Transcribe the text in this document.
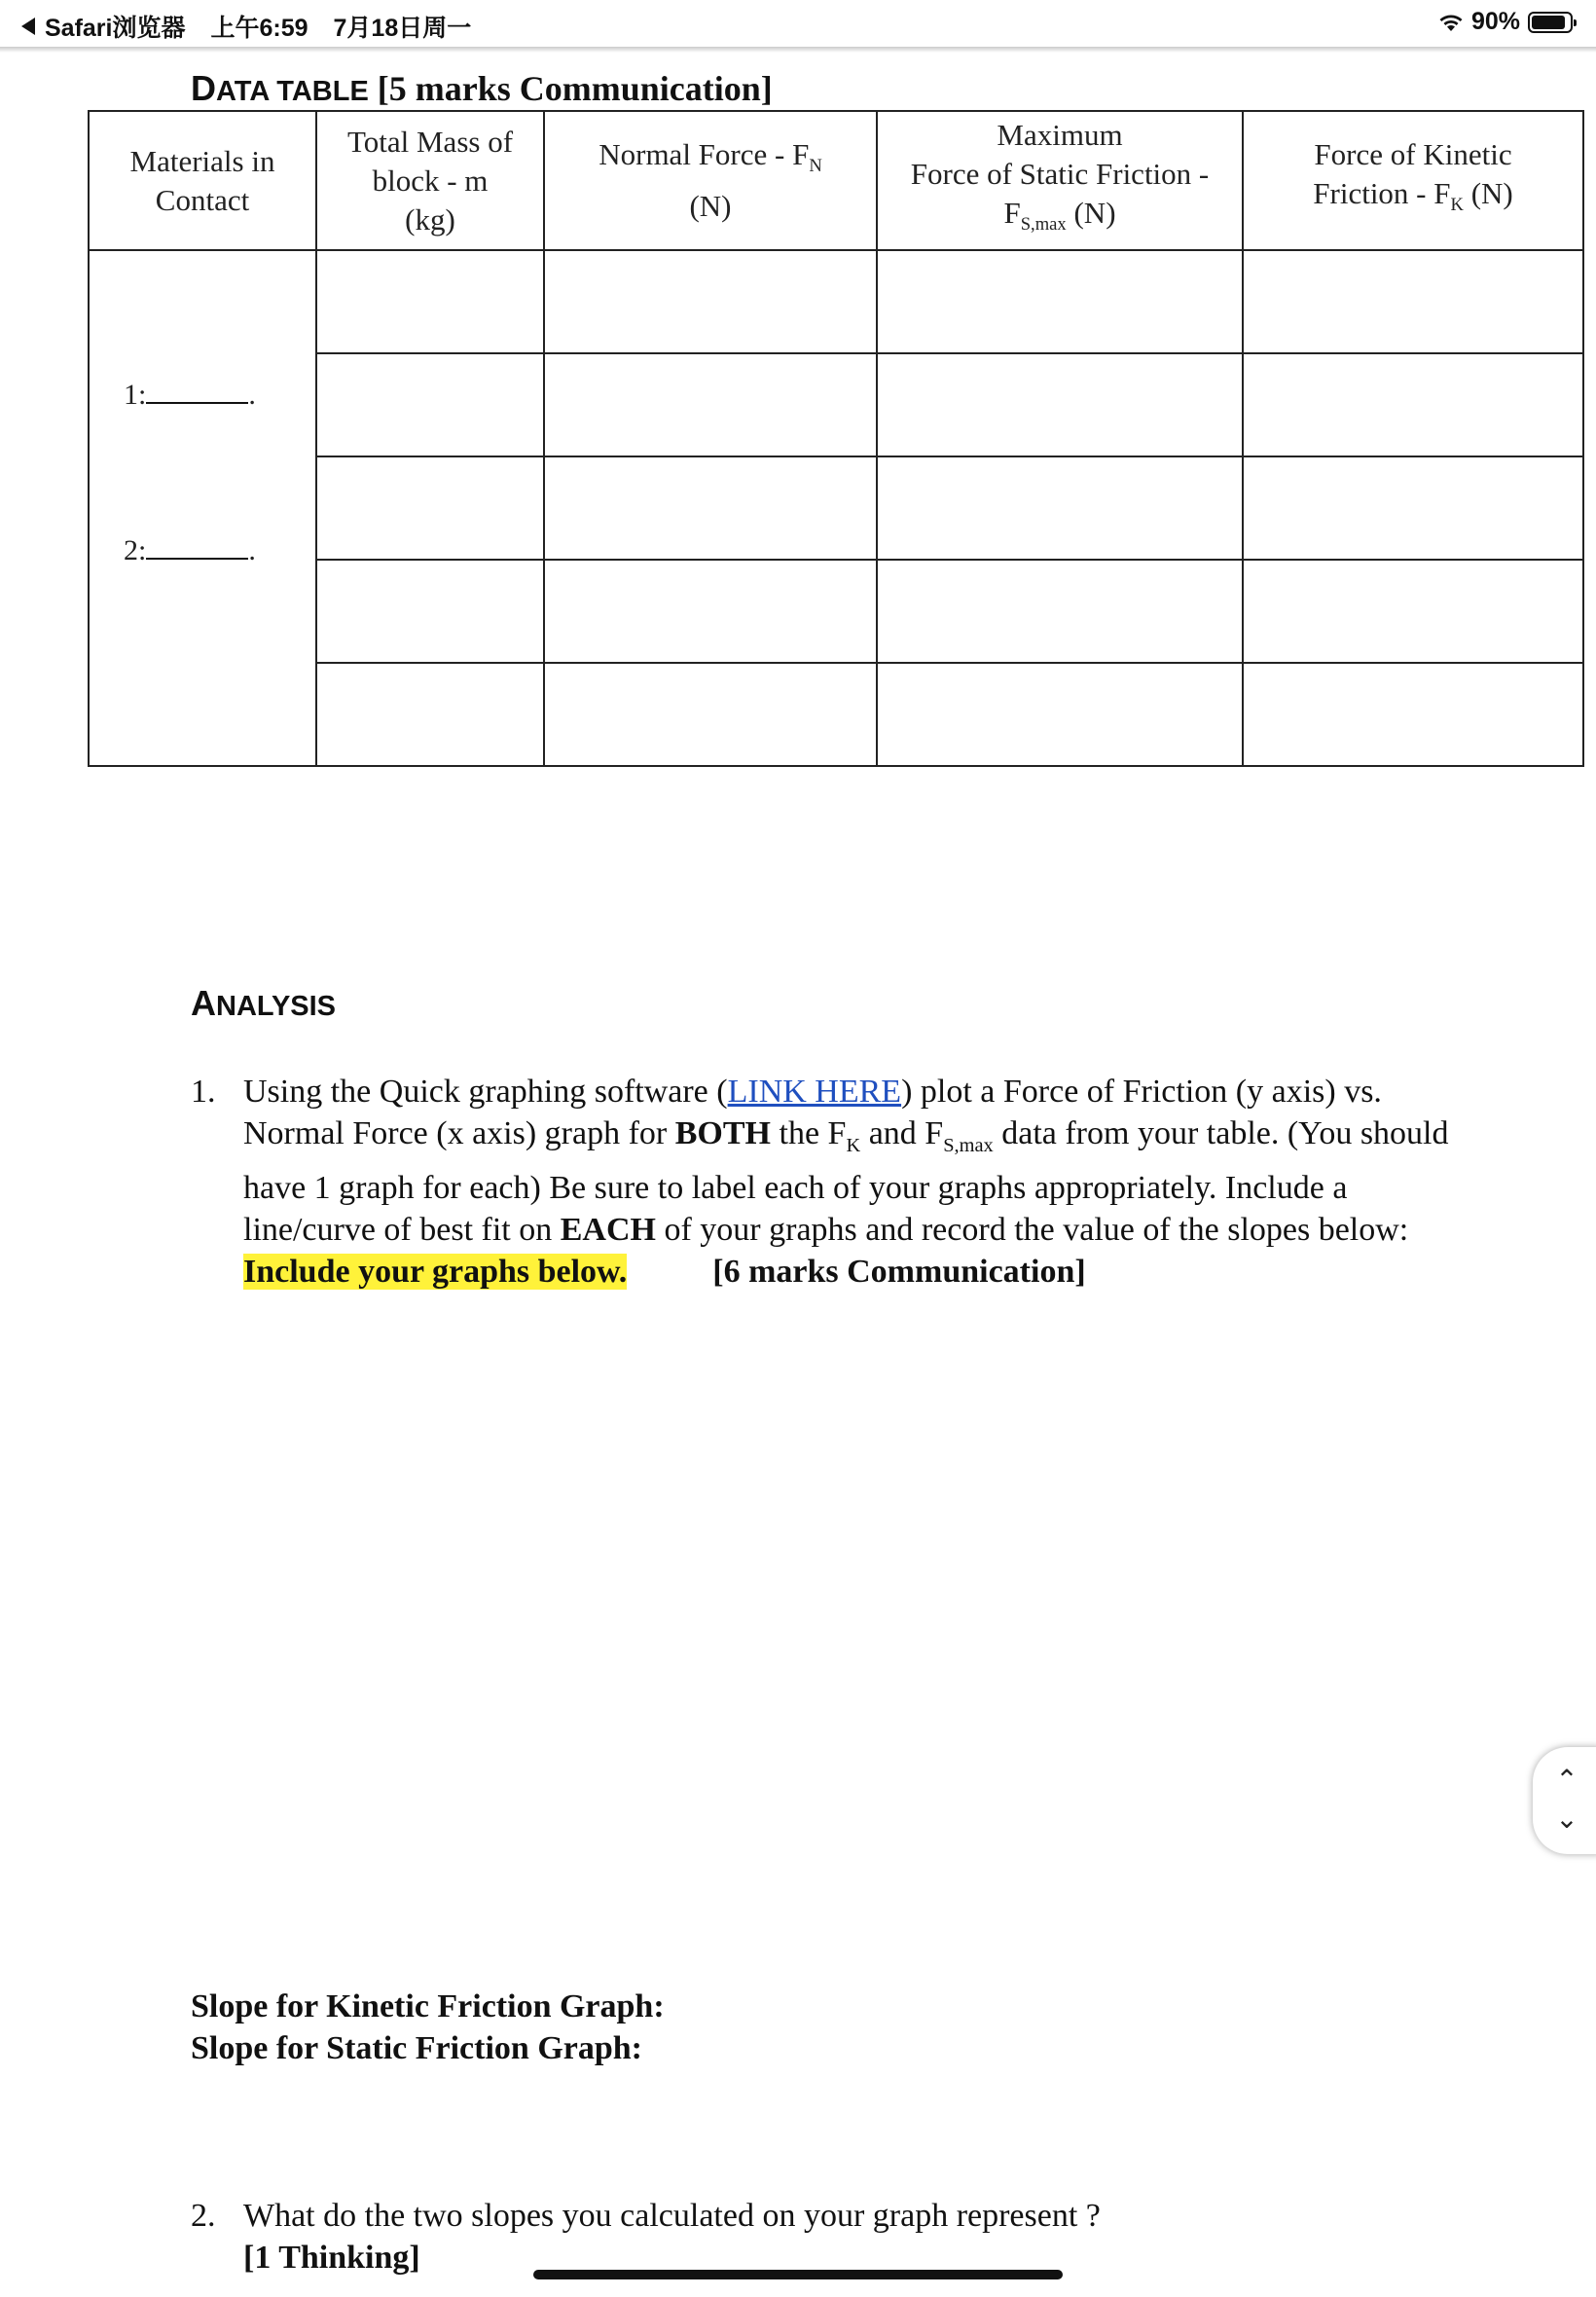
Safari浏览器 上午6:59 7月18日周一	90%
DATA TABLE [5 marks Communication]
Materials in
Contact	Total Mass of
block - m
(kg)	Normal Force - $F_N$
(N)	Maximum
Force of Static Friction -
$F_{S,max}$ (N)	Force of Kinetic
Friction - $F_K$ (N)

1: .
2: .				

ANALYSIS
1. Using the Quick graphing software (LINK HERE) plot a Force of Friction (y axis) vs. Normal Force (x axis) graph for BOTH the $F_K$ and $F_{S,max}$ data from your table. (You should have 1 graph for each) Be sure to label each of your graphs appropriately. Include a line/curve of best fit on EACH of your graphs and record the value of the slopes below: Include your graphs below.	[6 marks Communication]
Slope for Kinetic Friction Graph:
Slope for Static Friction Graph:
2. What do the two slopes you calculated on your graph represent ?
[1 Thinking]
⌃
⌄
